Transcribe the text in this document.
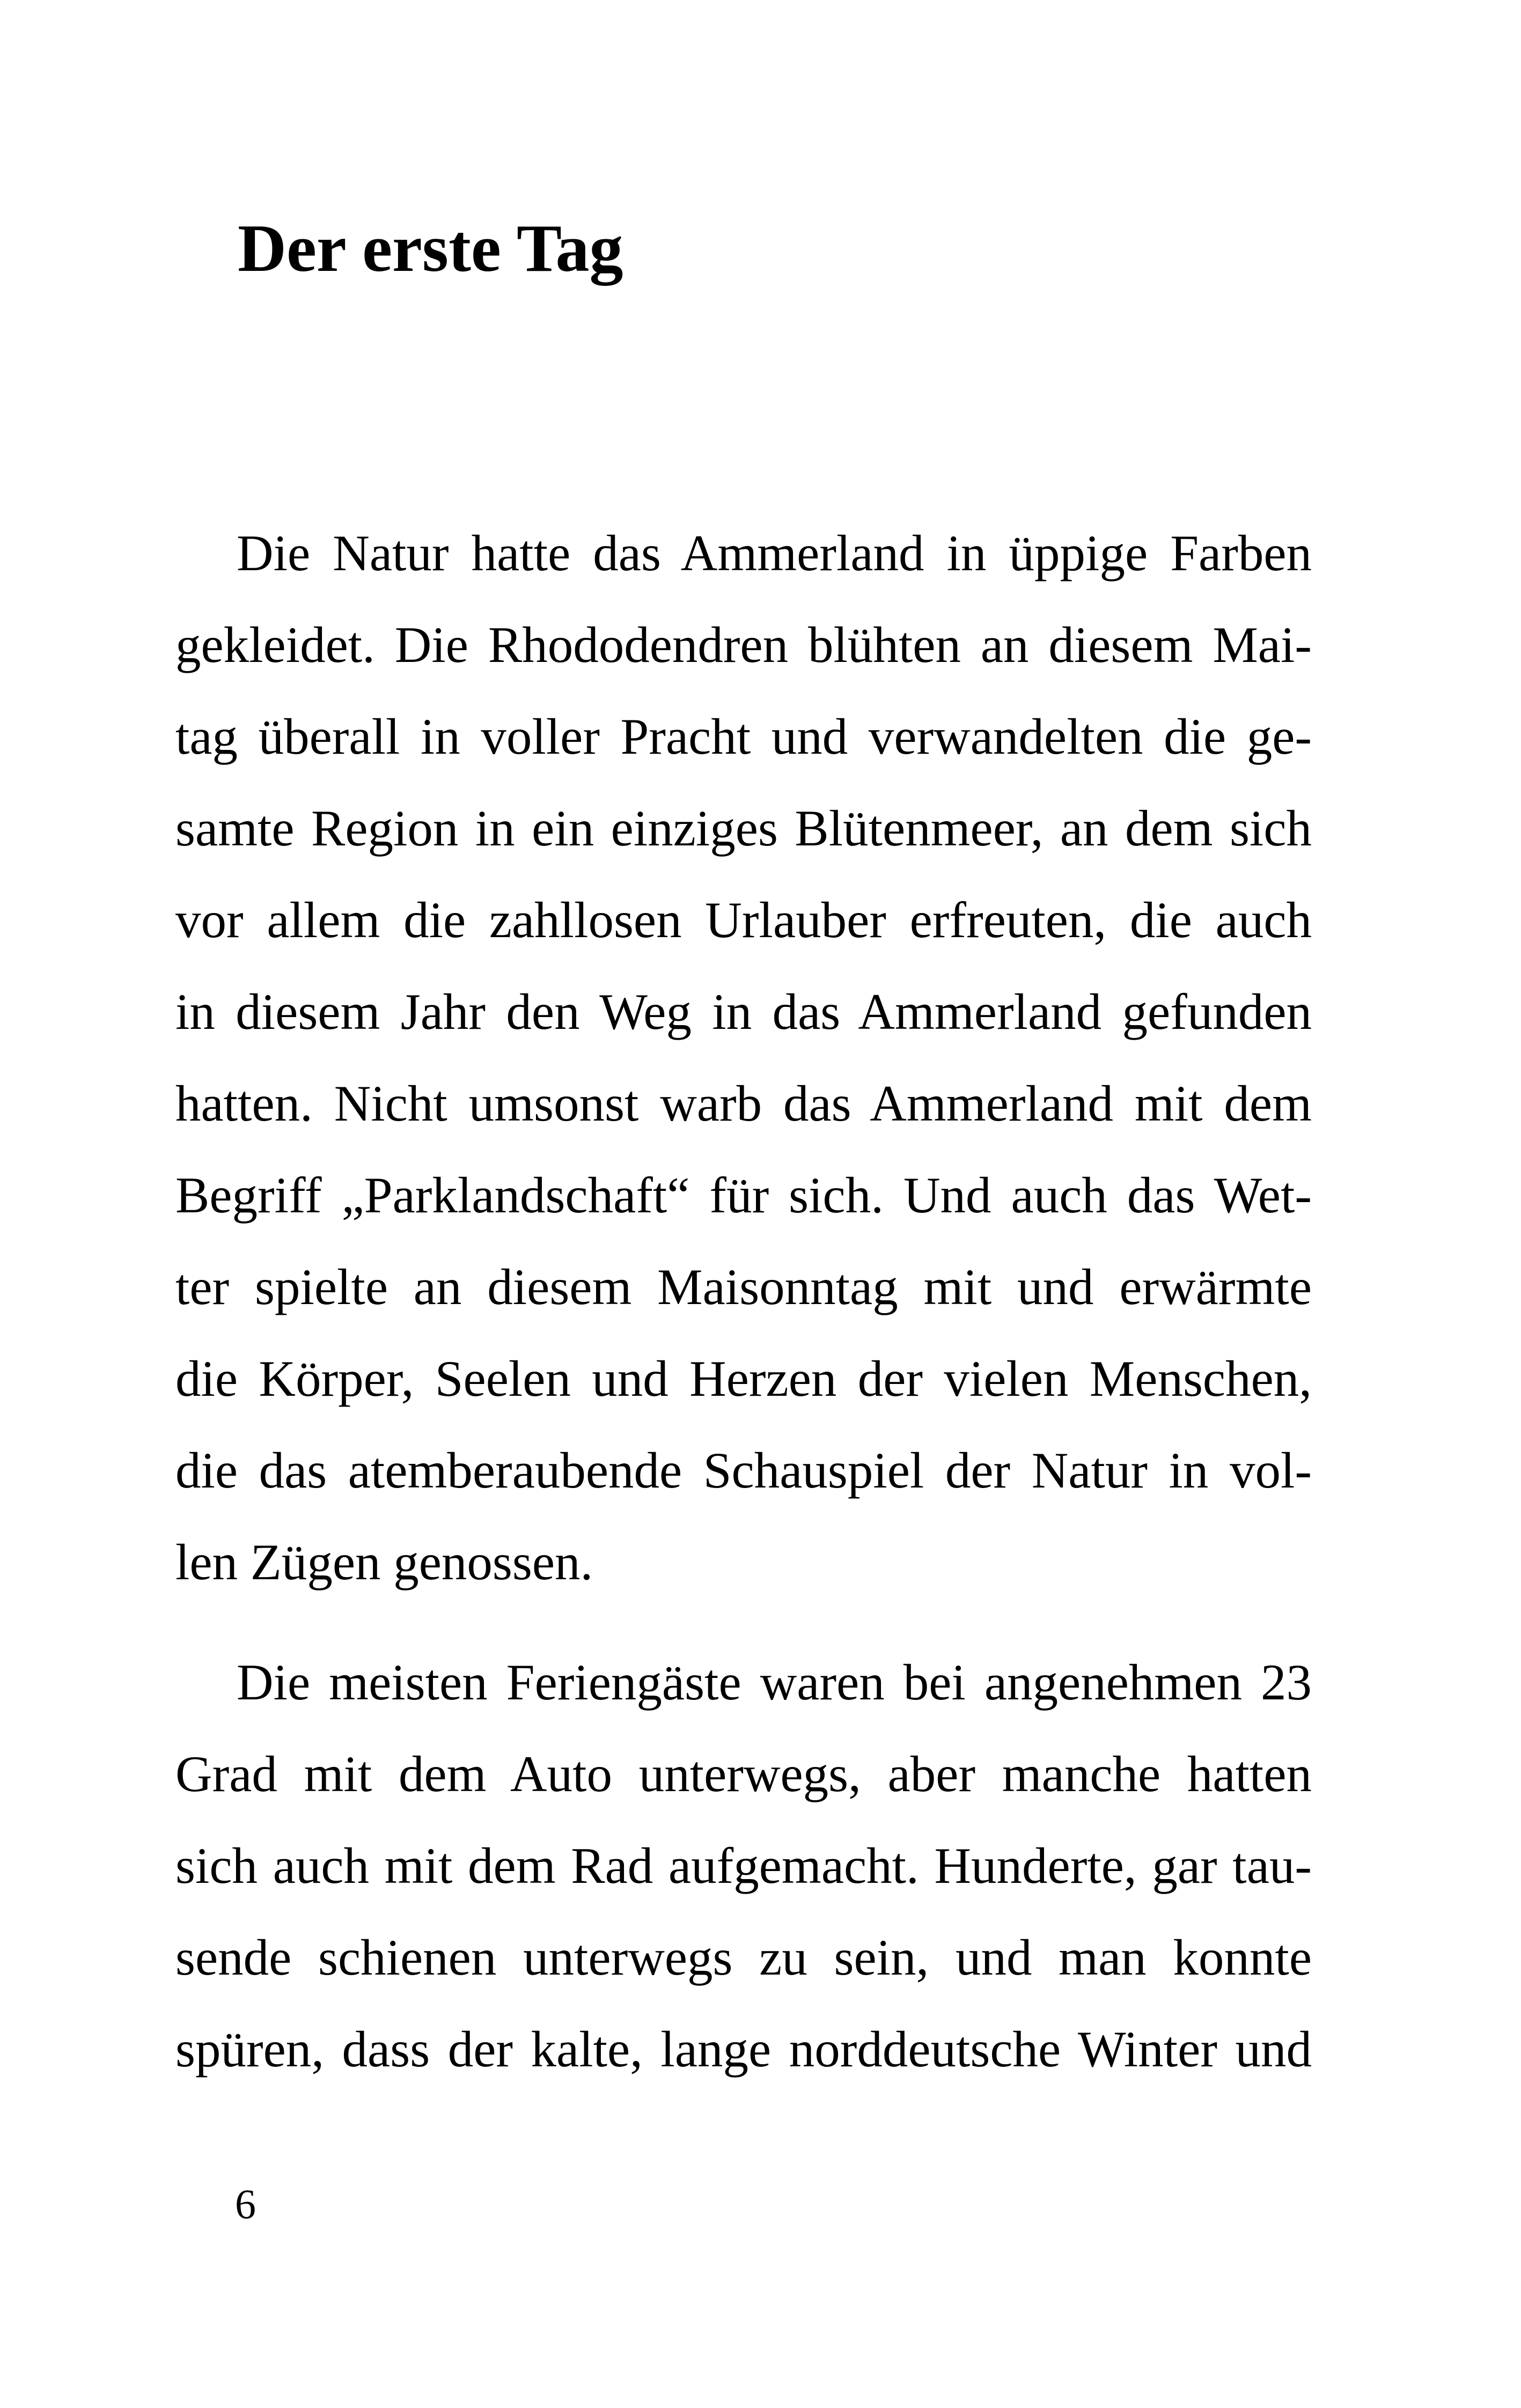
Der erste Tag

Die Natur hatte das Ammerland in üppige Farben
gekleidet. Die Rhododendren blühten an diesem Mai-
tag überall in voller Pracht und verwandelten die ge-
samte Region in ein einziges Blütenmeer, an dem sich
vor allem die zahllosen Urlauber erfreuten, die auch
in diesem Jahr den Weg in das Ammerland gefunden
hatten. Nicht umsonst warb das Ammerland mit dem
Begriff „Parklandschaft“ für sich. Und auch das Wet-
ter spielte an diesem Maisonntag mit und erwärmte
die Körper, Seelen und Herzen der vielen Menschen,
die das atemberaubende Schauspiel der Natur in vol-
len Zügen genossen.

Die meisten Feriengäste waren bei angenehmen 23
Grad mit dem Auto unterwegs, aber manche hatten
sich auch mit dem Rad aufgemacht. Hunderte, gar tau-
sende schienen unterwegs zu sein, und man konnte
spüren, dass der kalte, lange norddeutsche Winter und

6
